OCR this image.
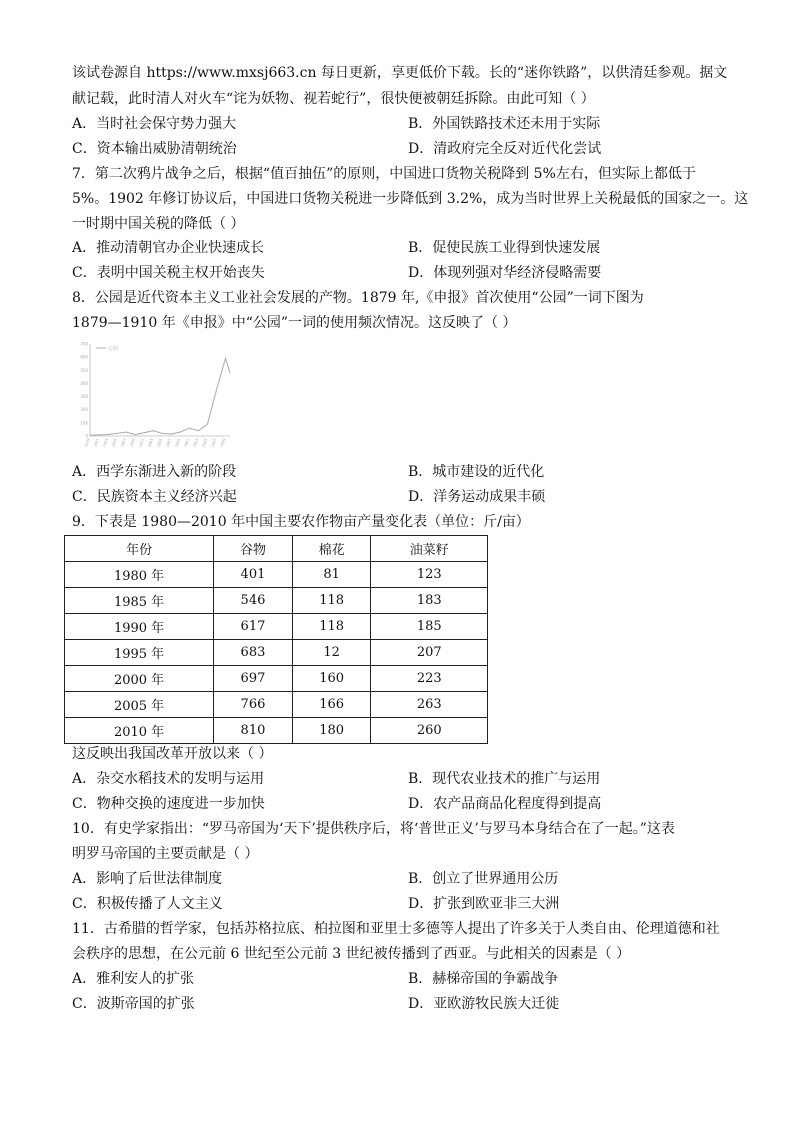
该试卷源自 https://www.mxsj663.cn 每日更新，享更低价下载。长的“迷你铁路”，以供清廷参观。据文
献记载，此时清人对火车“诧为妖物、视若蛇行”，很快便被朝廷拆除。由此可知（ ）
A．当时社会保守势力强大	B．外国铁路技术还未用于实际
C．资本输出威胁清朝统治	D．清政府完全反对近代化尝试
7．第二次鸦片战争之后，根据“值百抽伍”的原则，中国进口货物关税降到 5%左右，但实际上都低于
5%。1902 年修订协议后，中国进口货物关税进一步降低到 3.2%，成为当时世界上关税最低的国家之一。这
一时期中国关税的降低（ ）
A．推动清朝官办企业快速成长	B．促使民族工业得到快速发展
C．表明中国关税主权开始丧失	D．体现列强对华经济侵略需要
8．公园是近代资本主义工业社会发展的产物。1879 年,《申报》首次使用“公园”一词下图为
1879—1910 年《申报》中“公园”一词的使用频次情况。这反映了（ ）
700
600
500
400
300
200
100
0
1879 1881 1883 1885 1887 1889 1891 1893 1895 1897 1899 1901 1903 1905 1907 1909
公园
A．西学东渐进入新的阶段	B．城市建设的近代化
C．民族资本主义经济兴起	D．洋务运动成果丰硕
9．下表是 1980—2010 年中国主要农作物亩产量变化表（单位：斤/亩）
年份	谷物	棉花	油菜籽
1980 年	401	81	123
1985 年	546	118	183
1990 年	617	118	185
1995 年	683	12	207
2000 年	697	160	223
2005 年	766	166	263
2010 年	810	180	260
这反映出我国改革开放以来（ ）
A．杂交水稻技术的发明与运用	B．现代农业技术的推广与运用
C．物种交换的速度进一步加快	D．农产品商品化程度得到提高
10．有史学家指出：“罗马帝国为‘天下’提供秩序后，将‘普世正义’与罗马本身结合在了一起。”这表
明罗马帝国的主要贡献是（ ）
A．影响了后世法律制度	B．创立了世界通用公历
C．积极传播了人文主义	D．扩张到欧亚非三大洲
11．古希腊的哲学家，包括苏格拉底、柏拉图和亚里士多德等人提出了许多关于人类自由、伦理道德和社
会秩序的思想，在公元前 6 世纪至公元前 3 世纪被传播到了西亚。与此相关的因素是（ ）
A．雅利安人的扩张	B．赫梯帝国的争霸战争
C．波斯帝国的扩张	D．亚欧游牧民族大迁徙
